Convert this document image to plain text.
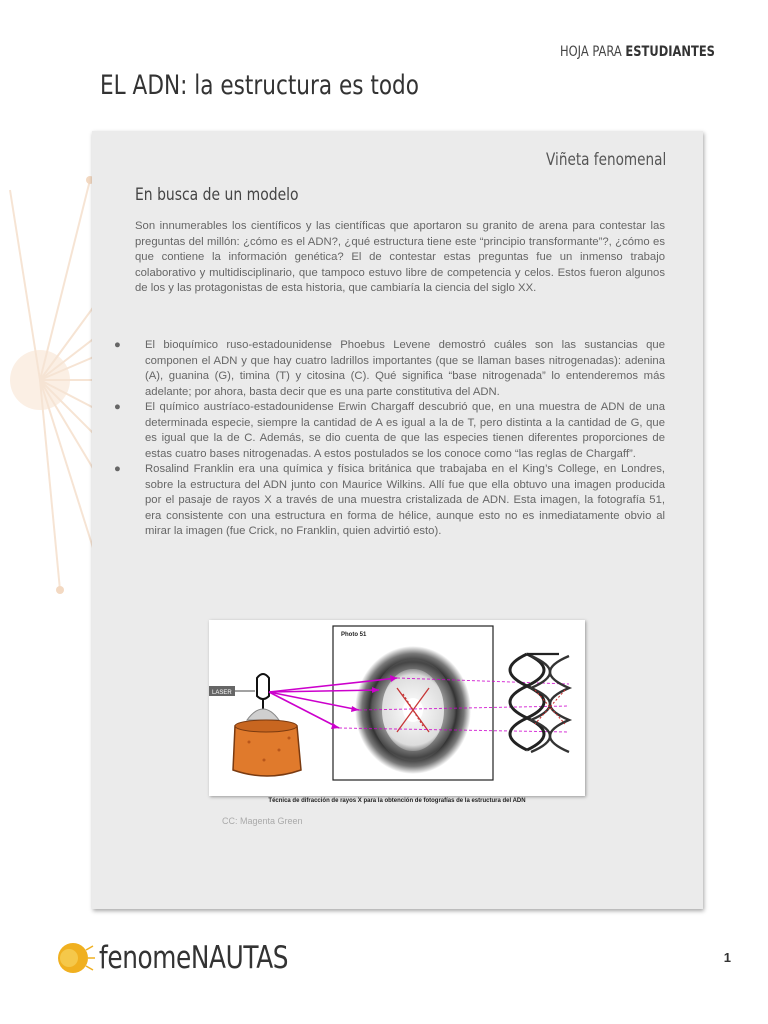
HOJA PARA ESTUDIANTES
EL ADN: la estructura es todo
Viñeta fenomenal
En busca de un modelo

Son innumerables los científicos y las científicas que aportaron su granito de arena para contestar las preguntas del millón: ¿cómo es el ADN?, ¿qué estructura tiene este “principio transformante”?, ¿cómo es que contiene la información genética? El de contestar estas preguntas fue un inmenso trabajo colaborativo y multidisciplinario, que tampoco estuvo libre de competencia y celos. Estos fueron algunos de los y las protagonistas de esta historia, que cambiaría la ciencia del siglo XX.

● El bioquímico ruso-estadounidense Phoebus Levene demostró cuáles son las sustancias que componen el ADN y que hay cuatro ladrillos importantes (que se llaman bases nitrogenadas): adenina (A), guanina (G), timina (T) y citosina (C). Qué significa “base nitrogenada” lo entenderemos más adelante; por ahora, basta decir que es una parte constitutiva del ADN.
● El químico austríaco-estadounidense Erwin Chargaff descubrió que, en una muestra de ADN de una determinada especie, siempre la cantidad de A es igual a la de T, pero distinta a la cantidad de G, que es igual que la de C. Además, se dio cuenta de que las especies tienen diferentes proporciones de estas cuatro bases nitrogenadas. A estos postulados se los conoce como “las reglas de Chargaff”.
● Rosalind Franklin era una química y física británica que trabajaba en el King’s College, en Londres, sobre la estructura del ADN junto con Maurice Wilkins. Allí fue que ella obtuvo una imagen producida por el pasaje de rayos X a través de una muestra cristalizada de ADN. Esta imagen, la fotografía 51, era consistente con una estructura en forma de hélice, aunque esto no es inmediatamente obvio al mirar la imagen (fue Crick, no Franklin, quien advirtió esto).
Photo 51
LASER
Técnica de difracción de rayos X para la obtención de fotografías de la estructura del ADN
CC: Magenta Green
fenomeNAUTAS	1
